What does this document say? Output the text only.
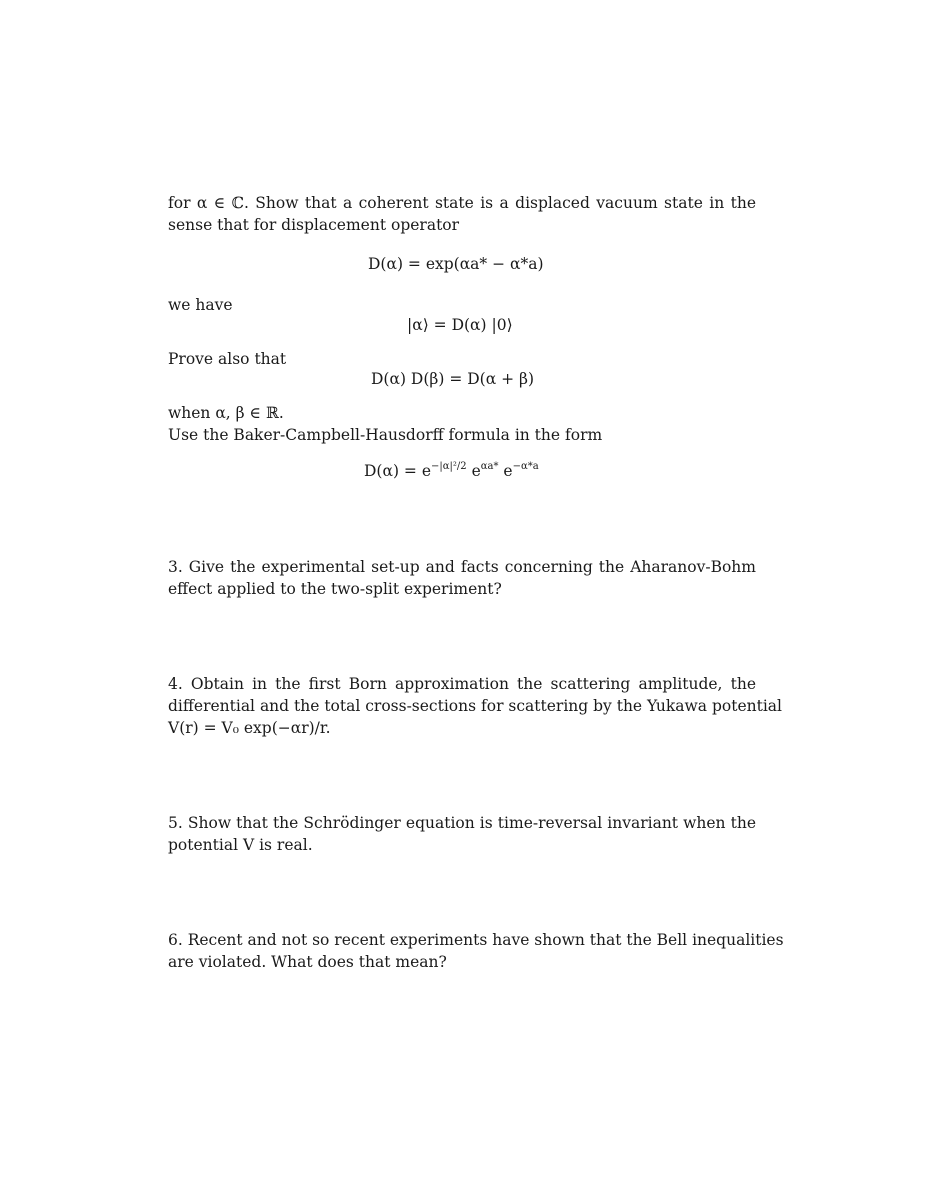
for α ∈ ℂ. Show that a coherent state is a displaced vacuum state in the
sense that for displacement operator
D(α) = exp(αa* − α*a)
we have
|α⟩ = D(α) |0⟩
Prove also that
D(α) D(β) = D(α + β)
when α, β ∈ ℝ.
Use the Baker-Campbell-Hausdorff formula in the form
$D(\alpha) = e^{-|\alpha|^2/2}$ $e^{\alpha a*}$ $e^{-\alpha*a}$
3. Give the experimental set-up and facts concerning the Aharanov-Bohm
effect applied to the two-split experiment?
4. Obtain in the first Born approximation the scattering amplitude, the
differential and the total cross-sections for scattering by the Yukawa potential
V(r) = V₀ exp(−αr)/r.
5. Show that the Schrödinger equation is time-reversal invariant when the
potential V is real.
6. Recent and not so recent experiments have shown that the Bell inequalities
are violated. What does that mean?
